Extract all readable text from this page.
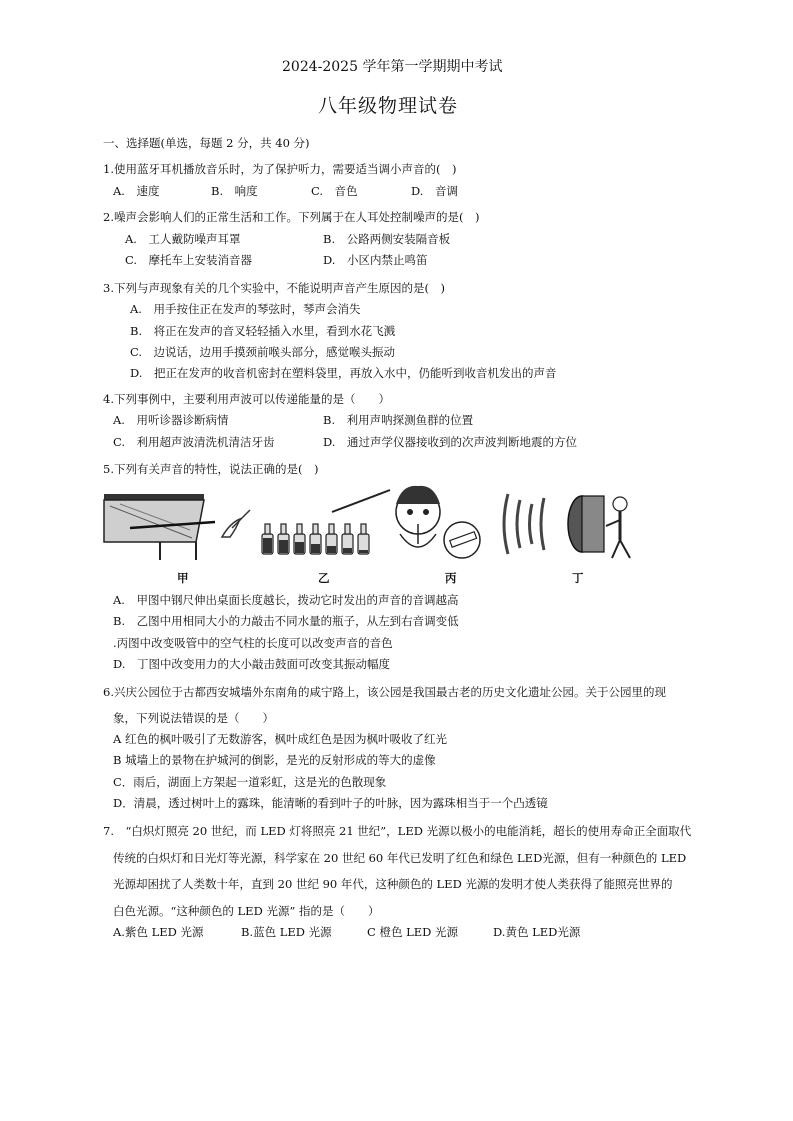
2024-2025 学年第一学期期中考试
八年级物理试卷
一、选择题(单选，每题 2 分，共 40 分)
1.使用蓝牙耳机播放音乐时，为了保护听力，需要适当调小声音的(　)
A.　速度	B.　响度	C.　音色	D.　音调
2.噪声会影响人们的正常生活和工作。下列属于在人耳处控制噪声的是(　)
A.　工人戴防噪声耳罩	B.　公路两侧安装隔音板
C.　摩托车上安装消音器	D.　小区内禁止鸣笛
3.下列与声现象有关的几个实验中，不能说明声音产生原因的是(　)
A.　用手按住正在发声的琴弦时，琴声会消失
B.　将正在发声的音叉轻轻插入水里，看到水花飞溅
C.　边说话，边用手摸颈前喉头部分，感觉喉头振动
D.　把正在发声的收音机密封在塑料袋里，再放入水中，仍能听到收音机发出的声音
4.下列事例中，主要利用声波可以传递能量的是（　　）
A.　用听诊器诊断病情	B.　利用声呐探测鱼群的位置
C.　利用超声波清洗机清洁牙齿	D.　通过声学仪器接收到的次声波判断地震的方位
5.下列有关声音的特性，说法正确的是(　)
甲	乙	丙	丁
A.　甲图中钢尺伸出桌面长度越长，拨动它时发出的声音的音调越高
B.　乙图中用相同大小的力敲击不同水量的瓶子，从左到右音调变低
.丙图中改变吸管中的空气柱的长度可以改变声音的音色
D.　丁图中改变用力的大小敲击鼓面可改变其振动幅度
6.兴庆公园位于古都西安城墙外东南角的咸宁路上，该公园是我国最古老的历史文化遗址公园。关于公园里的现
象，下列说法错误的是（　　）
A 红色的枫叶吸引了无数游客，枫叶成红色是因为枫叶吸收了红光
B 城墙上的景物在护城河的倒影，是光的反射形成的等大的虚像
C．雨后，湖面上方架起一道彩虹，这是光的色散现象
D．清晨，透过树叶上的露珠，能清晰的看到叶子的叶脉，因为露珠相当于一个凸透镜
7.　“白炽灯照亮 20 世纪，而 LED 灯将照亮 21 世纪”，LED 光源以极小的电能消耗，超长的使用寿命正全面取代
传统的白炽灯和日光灯等光源，科学家在 20 世纪 60 年代已发明了红色和绿色 LED光源，但有一种颜色的 LED
光源却困扰了人类数十年，直到 20 世纪 90 年代，这种颜色的 LED 光源的发明才使人类获得了能照亮世界的
白色光源。“这种颜色的 LED 光源” 指的是（　　）
A.紫色 LED 光源	B.蓝色 LED 光源	C 橙色 LED 光源	D.黄色 LED光源
